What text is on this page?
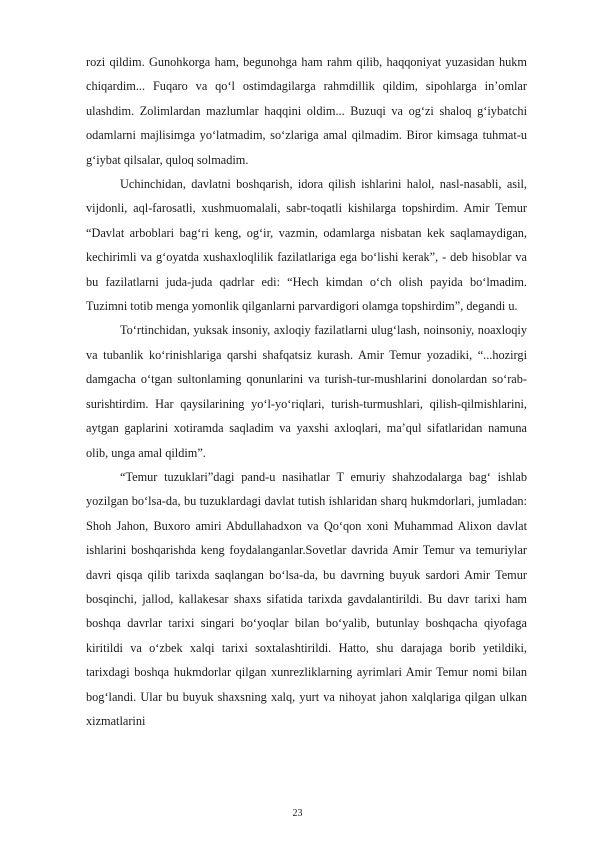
rozi qildim. Gunohkorga ham, begunohga ham rahm qilib, haqqoniyat yuzasidan hukm chiqardim... Fuqaro va qo‘l ostimdagilarga rahmdillik qildim, sipohlarga in’omlar ulashdim. Zolimlardan mazlumlar haqqini oldim... Buzuqi va og‘zi shaloq g‘iybatchi odamlarni majlisimga yo‘latmadim, so‘zlariga amal qilmadim. Biror kimsaga tuhmat-u g‘iybat qilsalar, quloq solmadim.

Uchinchidan, davlatni boshqarish, idora qilish ishlarini halol, nasl-nasabli, asil, vijdonli, aql-farosatli, xushmuomalali, sabr-toqatli kishilarga topshirdim. Amir Temur “Davlat arboblari bag‘ri keng, og‘ir, vazmin, odamlarga nisbatan kek saqlamaydigan, kechirimli va g‘oyatda xushaxloqlilik fazilatlariga ega bo‘lishi kerak”, - deb hisoblar va bu fazilatlarni juda-juda qadrlar edi: “Hech kimdan o‘ch olish payida bo‘lmadim. Tuzimni totib menga yomonlik qilganlarni parvardigori olamga topshirdim”, degandi u.

To‘rtinchidan, yuksak insoniy, axloqiy fazilatlarni ulug‘lash, noinsoniy, noaxloqiy va tubanlik ko‘rinishlariga qarshi shafqatsiz kurash. Amir Temur yozadiki, “...hozirgi damgacha o‘tgan sultonlaming qonunlarini va turish-tur-mushlarini donolardan so‘rab-surishtirdim. Har qaysilarining yo‘l-yo‘riqlari, turish-turmushlari, qilish-qilmishlarini, aytgan gaplarini xotiramda saqladim va yaxshi axloqlari, ma’qul sifatlaridan namuna olib, unga amal qildim”.

“Temur tuzuklari”dagi pand-u nasihatlar T emuriy shahzodalarga bag‘ ishlab yozilgan bo‘lsa-da, bu tuzuklardagi davlat tutish ishlaridan sharq hukmdorlari, jumladan: Shoh Jahon, Buxoro amiri Abdullahadxon va Qo‘qon xoni Muhammad Alixon davlat ishlarini boshqarishda keng foydalanganlar.Sovetlar davrida Amir Temur va temuriylar davri qisqa qilib tarixda saqlangan bo‘lsa-da, bu davrning buyuk sardori Amir Temur bosqinchi, jallod, kallakesar shaxs sifatida tarixda gavdalantirildi. Bu davr tarixi ham boshqa davrlar tarixi singari bo‘yoqlar bilan bo‘yalib, butunlay boshqacha qiyofaga kiritildi va o‘zbek xalqi tarixi soxtalashtirildi. Hatto, shu darajaga borib yetildiki, tarixdagi boshqa hukmdorlar qilgan xunrezliklarning ayrimlari Amir Temur nomi bilan bog‘landi. Ular bu buyuk shaxsning xalq, yurt va nihoyat jahon xalqlariga qilgan ulkan xizmatlarini

23
